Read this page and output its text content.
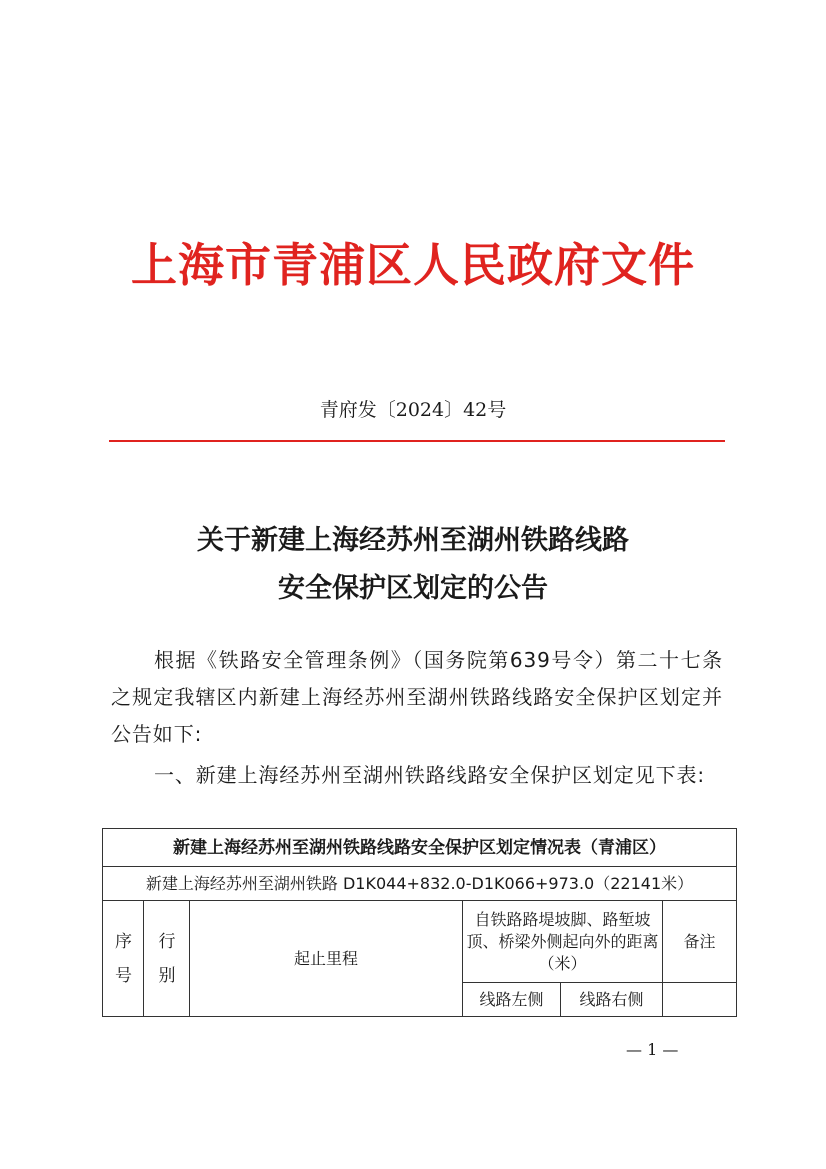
上海市青浦区人民政府文件
青府发〔2024〕42号
关于新建上海经苏州至湖州铁路线路
安全保护区划定的公告

根据《铁路安全管理条例》（国务院第639号令）第二十七条之规定我辖区内新建上海经苏州至湖州铁路线路安全保护区划定并公告如下:

一、新建上海经苏州至湖州铁路线路安全保护区划定见下表:

新建上海经苏州至湖州铁路线路安全保护区划定情况表（青浦区）					
新建上海经苏州至湖州铁路 D1K044+832.0-D1K066+973.0（22141米）					

序号	行别	起止里程	自铁路路堤坡脚、路堑坡顶、桥梁外侧起向外的距离（米）		备注
			线路左侧	线路右侧	
— 1 —
